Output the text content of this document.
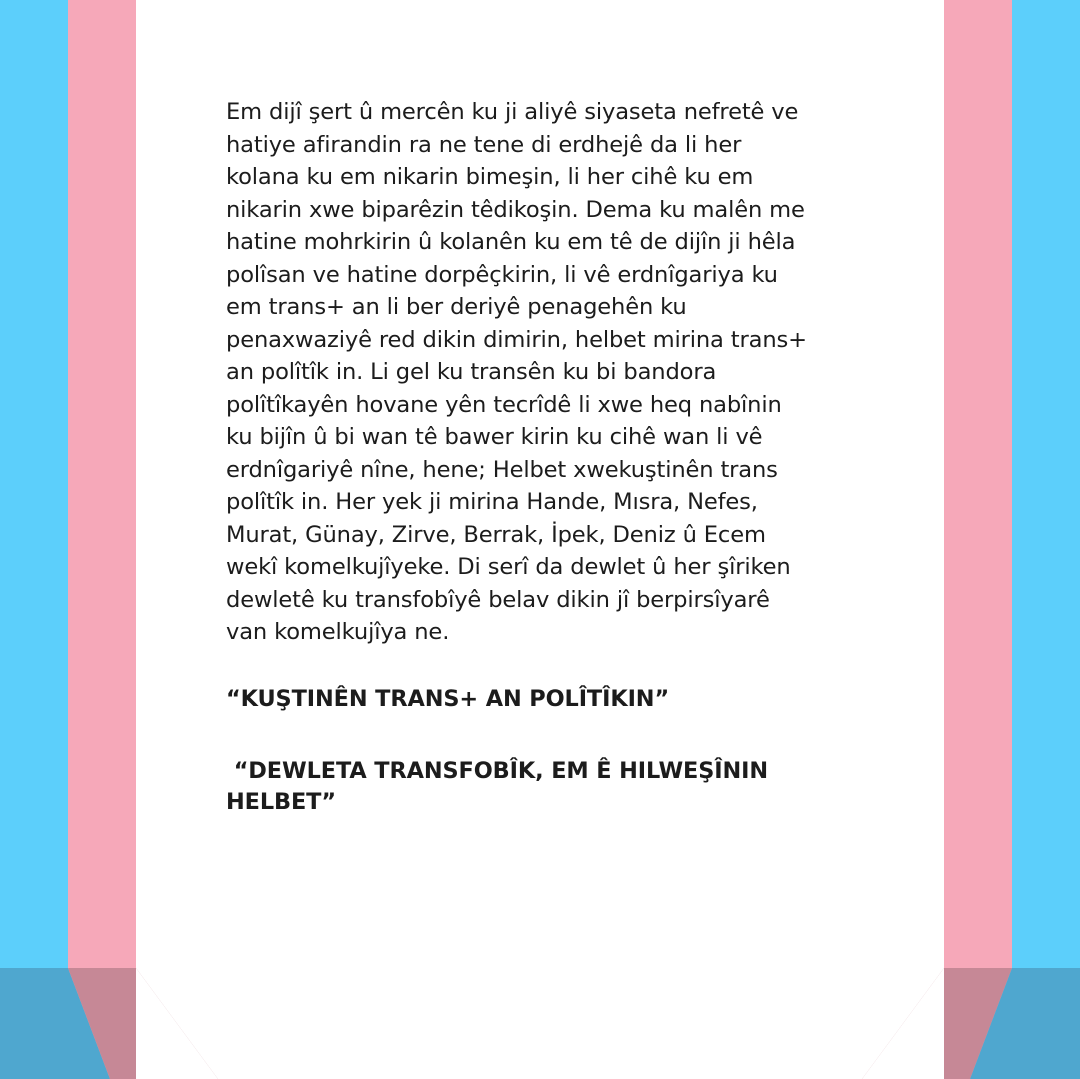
Em dijî şert û mercên ku ji aliyê siyaseta nefretê ve
hatiye afirandin ra ne tene di erdhejê da li her
kolana ku em nikarin bimeşin, li her cihê ku em
nikarin xwe biparêzin têdikoşin. Dema ku malên me
hatine mohrkirin û kolanên ku em tê de dijîn ji hêla
polîsan ve hatine dorpêçkirin, li vê erdnîgariya ku
em trans+ an li ber deriyê penagehên ku
penaxwaziyê red dikin dimirin, helbet mirina trans+
an polîtîk in. Li gel ku transên ku bi bandora
polîtîkayên hovane yên tecrîdê li xwe heq nabînin
ku bijîn û bi wan tê bawer kirin ku cihê wan li vê
erdnîgariyê nîne, hene; Helbet xwekuştinên trans
polîtîk in. Her yek ji mirina Hande, Mısra, Nefes,
Murat, Günay, Zirve, Berrak, İpek, Deniz û Ecem
wekî komelkujîyeke. Di serî da dewlet û her şîriken
dewletê ku transfobîyê belav dikin jî berpirsîyarê
van komelkujîya ne.

“KUŞTINÊN TRANS+ AN POLÎTÎKIN”

“DEWLETA TRANSFOBÎK, EM Ê HILWEŞÎNIN
HELBET”
